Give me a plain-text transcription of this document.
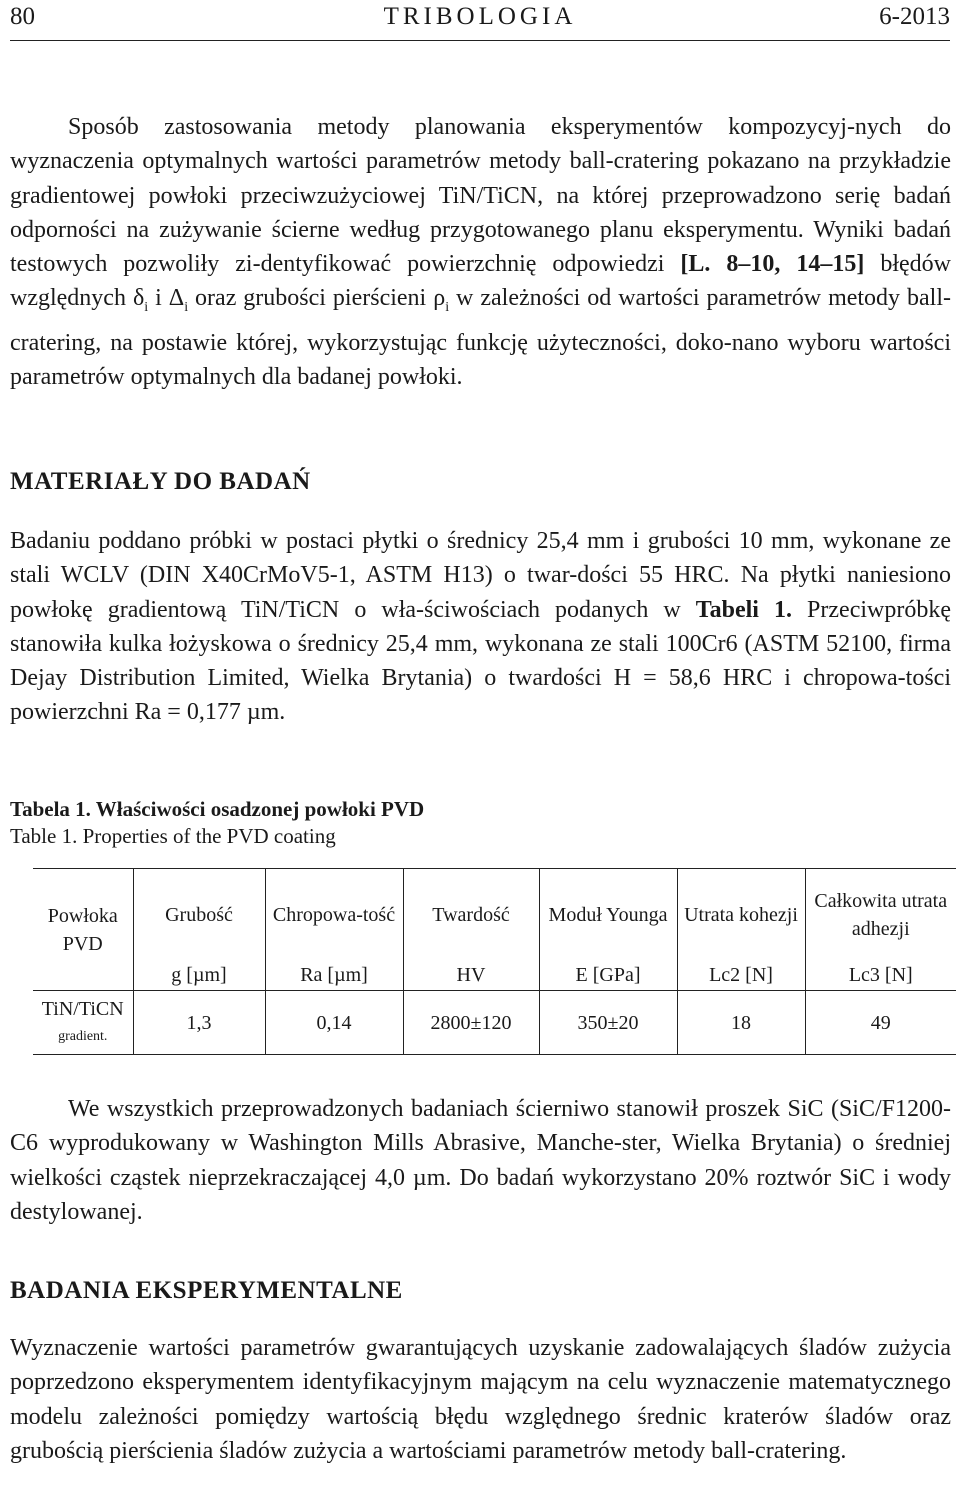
80	TRIBOLOGIA	6-2013

Sposób zastosowania metody planowania eksperymentów kompozycyj-nych do wyznaczenia optymalnych wartości parametrów metody ball-cratering pokazano na przykładzie gradientowej powłoki przeciwzużyciowej TiN/TiCN, na której przeprowadzono serię badań odporności na zużywanie ścierne według przygotowanego planu eksperymentu. Wyniki badań testowych pozwoliły zi-dentyfikować powierzchnię odpowiedzi [L. 8–10, 14–15] błędów względnych $\delta_i$ i $\Delta_i$ oraz grubości pierścieni $\rho_i$ w zależności od wartości parametrów metody ball-cratering, na postawie której, wykorzystując funkcję użyteczności, doko-nano wyboru wartości parametrów optymalnych dla badanej powłoki.

MATERIAŁY DO BADAŃ

Badaniu poddano próbki w postaci płytki o średnicy 25,4 mm i grubości 10 mm, wykonane ze stali WCLV (DIN X40CrMoV5-1, ASTM H13) o twar-dości 55 HRC. Na płytki naniesiono powłokę gradientową TiN/TiCN o wła-ściwościach podanych w Tabeli 1. Przeciwpróbkę stanowiła kulka łożyskowa o średnicy 25,4 mm, wykonana ze stali 100Cr6 (ASTM 52100, firma Dejay Distribution Limited, Wielka Brytania) o twardości H = 58,6 HRC i chropowa-tości powierzchni Ra = 0,177 µm.

Tabela 1. Właściwości osadzonej powłoki PVD
Table 1. Properties of the PVD coating
Powłoka
PVD	Grubość	Chropowa-tość	Twardość	Moduł Younga	Utrata kohezji	Całkowita utrata adhezji
	g [µm]	Ra [µm]	HV	E [GPa]	Lc2 [N]	Lc3 [N]

TiN/TiCN
gradient.	1,3	0,14	2800±120	350±20	18	49

We wszystkich przeprowadzonych badaniach ścierniwo stanowił proszek SiC (SiC/F1200-C6 wyprodukowany w Washington Mills Abrasive, Manche-ster, Wielka Brytania) o średniej wielkości cząstek nieprzekraczającej 4,0 µm. Do badań wykorzystano 20% roztwór SiC i wody destylowanej.

BADANIA EKSPERYMENTALNE

Wyznaczenie wartości parametrów gwarantujących uzyskanie zadowalających śladów zużycia poprzedzono eksperymentem identyfikacyjnym mającym na celu wyznaczenie matematycznego modelu zależności pomiędzy wartością błędu względnego średnic kraterów śladów oraz grubością pierścienia śladów zużycia a wartościami parametrów metody ball-cratering.
